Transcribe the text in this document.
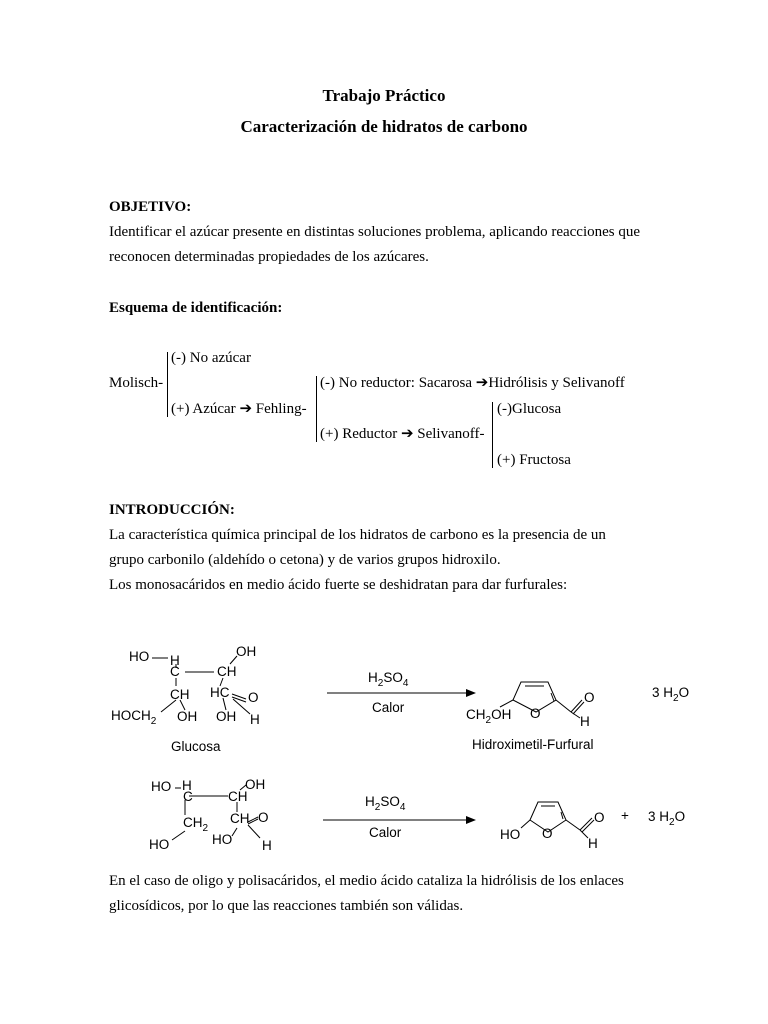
Trabajo Práctico
Caracterización de hidratos de carbono
OBJETIVO:
Identificar el azúcar presente en distintas soluciones problema, aplicando reacciones que
reconocen determinadas propiedades de los azúcares.
Esquema de identificación:
Molisch-
(-) No azúcar
(+) Azúcar ➔ Fehling-
(-) No reductor: Sacarosa ➔Hidrólisis y Selivanoff
(+) Reductor ➔ Selivanoff-
(-)Glucosa
(+) Fructosa
INTRODUCCIÓN:
La característica química principal de los hidratos de carbono es la presencia de un
grupo carbonilo (aldehído o cetona) y de varios grupos hidroxilo.
Los monosacáridos en medio ácido fuerte se deshidratan para dar furfurales:
HO H
C
OH
CH
CH HC O
$HOCH_2$ OH OH H
Glucosa
$H_2SO_4$
Calor	$CH_2OH$ O
O
H
Hidroximetil-Furfural
3 $H_2O$
HO H
C
OH
CH
$CH_2$
CH O
HO	HO H
$H_2SO_4$
Calor	HO O
O
H
+ 3 $H_2O$
En el caso de oligo y polisacáridos, el medio ácido cataliza la hidrólisis de los enlaces
glicosídicos, por lo que las reacciones también son válidas.
